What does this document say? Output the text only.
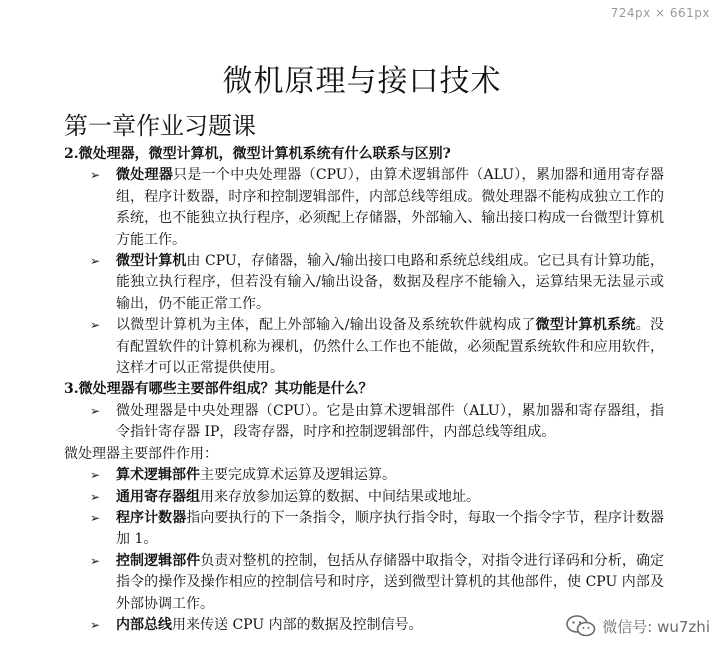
724px × 661px
微机原理与接口技术
第一章作业习题课

2.微处理器，微型计算机，微型计算机系统有什么联系与区别?

➢ 微处理器只是一个中央处理器（CPU），由算术逻辑部件（ALU），累加器和通用寄存器组，程序计数器，时序和控制逻辑部件，内部总线等组成。微处理器不能构成独立工作的系统，也不能独立执行程序，必须配上存储器，外部输入、输出接口构成一台微型计算机方能工作。

➢ 微型计算机由 CPU，存储器，输入/输出接口电路和系统总线组成。它已具有计算功能，能独立执行程序，但若没有输入/输出设备，数据及程序不能输入，运算结果无法显示或输出，仍不能正常工作。

➢ 以微型计算机为主体，配上外部输入/输出设备及系统软件就构成了微型计算机系统。没有配置软件的计算机称为裸机，仍然什么工作也不能做，必须配置系统软件和应用软件，这样才可以正常提供使用。

3.微处理器有哪些主要部件组成？其功能是什么？

➢ 微处理器是中央处理器（CPU）。它是由算术逻辑部件（ALU），累加器和寄存器组，指令指针寄存器 IP，段寄存器，时序和控制逻辑部件，内部总线等组成。

微处理器主要部件作用：

➢ 算术逻辑部件主要完成算术运算及逻辑运算。

➢ 通用寄存器组用来存放参加运算的数据、中间结果或地址。

➢ 程序计数器指向要执行的下一条指令，顺序执行指令时，每取一个指令字节，程序计数器加 1。

➢ 控制逻辑部件负责对整机的控制，包括从存储器中取指令，对指令进行译码和分析，确定指令的操作及操作相应的控制信号和时序，送到微型计算机的其他部件，使 CPU 内部及外部协调工作。

➢ 内部总线用来传送 CPU 内部的数据及控制信号。	微信号: wu7zhi
